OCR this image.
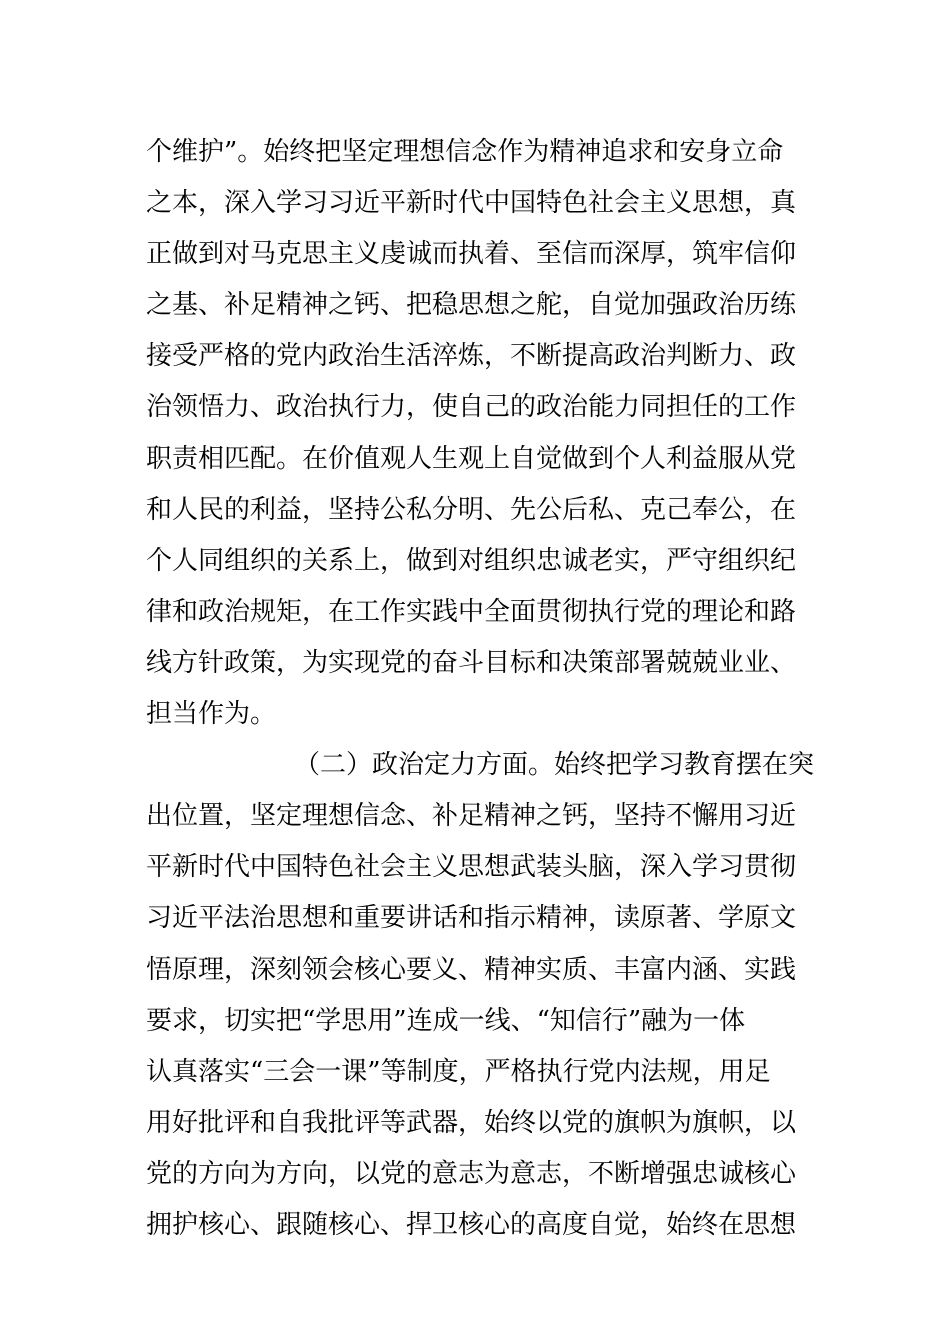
个维护”。始终把坚定理想信念作为精神追求和安身立命
之本，深入学习习近平新时代中国特色社会主义思想，真
正做到对马克思主义虔诚而执着、至信而深厚，筑牢信仰
之基、补足精神之钙、把稳思想之舵，自觉加强政治历练
接受严格的党内政治生活淬炼，不断提高政治判断力、政
治领悟力、政治执行力，使自己的政治能力同担任的工作
职责相匹配。在价值观人生观上自觉做到个人利益服从党
和人民的利益，坚持公私分明、先公后私、克己奉公，在
个人同组织的关系上，做到对组织忠诚老实，严守组织纪
律和政治规矩，在工作实践中全面贯彻执行党的理论和路
线方针政策，为实现党的奋斗目标和决策部署兢兢业业、
担当作为。
（二）政治定力方面。始终把学习教育摆在突
出位置，坚定理想信念、补足精神之钙，坚持不懈用习近
平新时代中国特色社会主义思想武装头脑，深入学习贯彻
习近平法治思想和重要讲话和指示精神，读原著、学原文
悟原理，深刻领会核心要义、精神实质、丰富内涵、实践
要求，切实把“学思用”连成一线、“知信行”融为一体
认真落实“三会一课”等制度，严格执行党内法规，用足
用好批评和自我批评等武器，始终以党的旗帜为旗帜，以
党的方向为方向，以党的意志为意志，不断增强忠诚核心
拥护核心、跟随核心、捍卫核心的高度自觉，始终在思想
